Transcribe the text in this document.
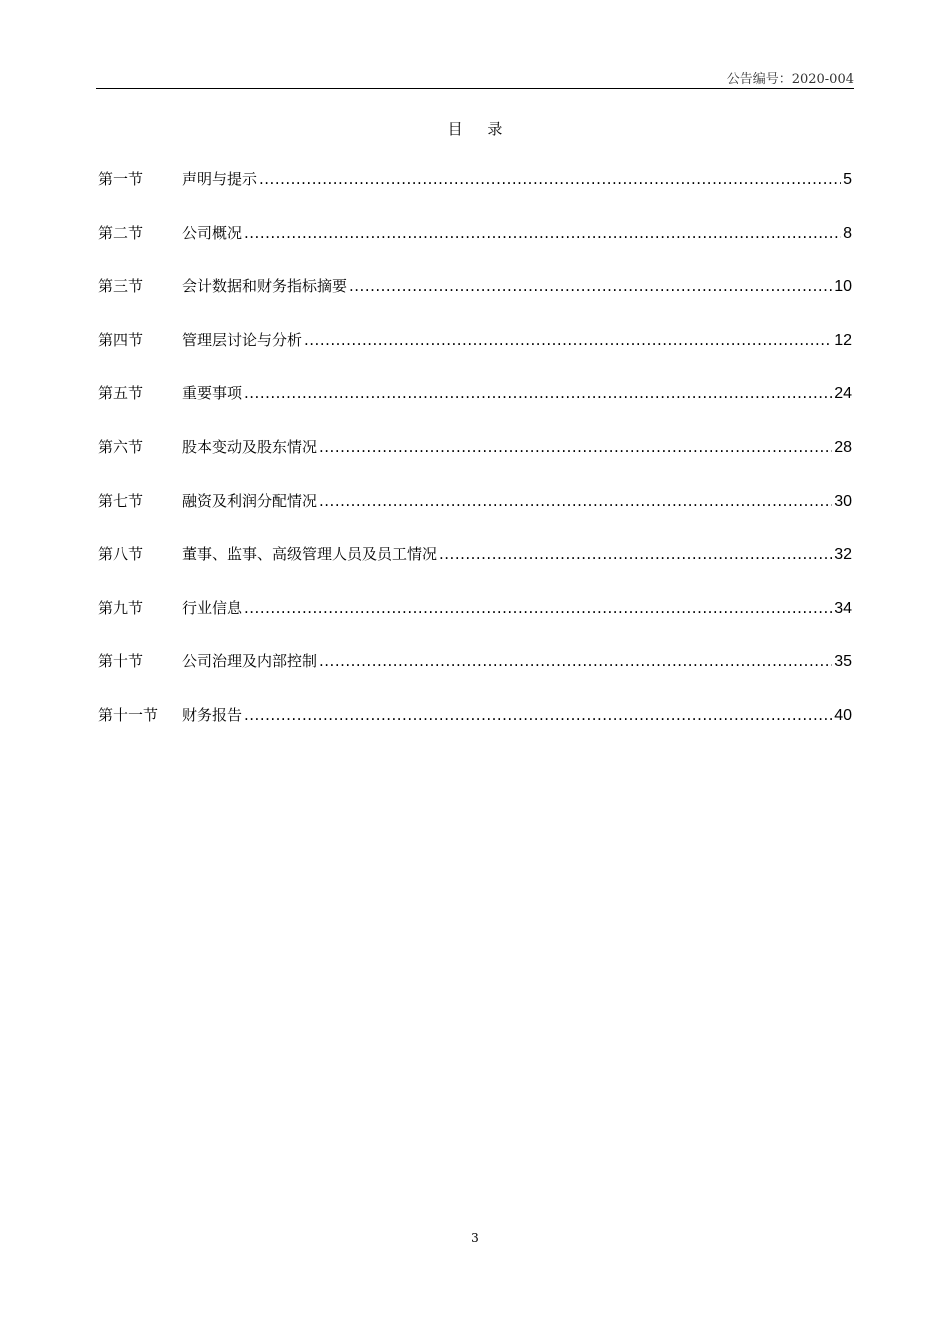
公告编号：2020-004
目 录
第一节	声明与提示 .....	5
第二节	公司概况 .....	8
第三节	会计数据和财务指标摘要 .....	10
第四节	管理层讨论与分析 .....	12
第五节	重要事项 .....	24
第六节	股本变动及股东情况 .....	28
第七节	融资及利润分配情况 .....	30
第八节	董事、监事、高级管理人员及员工情况 .....	32
第九节	行业信息 .....	34
第十节	公司治理及内部控制 .....	35
第十一节	财务报告 .....	40
3
